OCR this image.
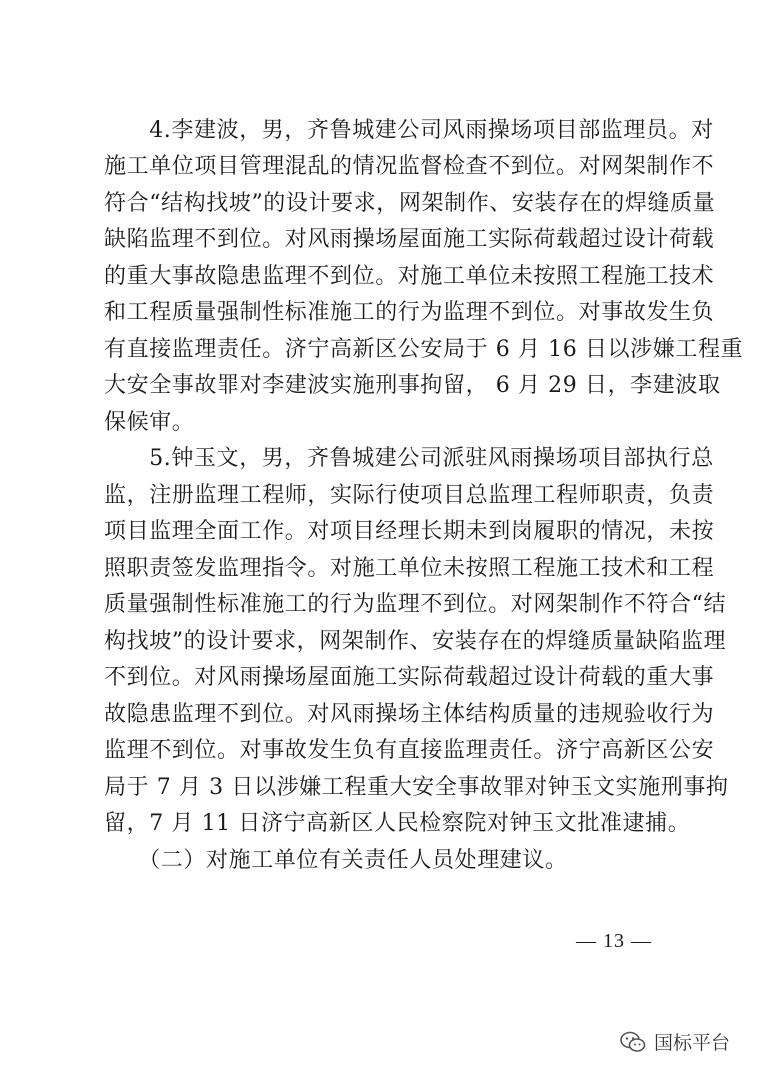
　　4.李建波，男，齐鲁城建公司风雨操场项目部监理员。对
施工单位项目管理混乱的情况监督检查不到位。对网架制作不
符合“结构找坡”的设计要求，网架制作、安装存在的焊缝质量
缺陷监理不到位。对风雨操场屋面施工实际荷载超过设计荷载
的重大事故隐患监理不到位。对施工单位未按照工程施工技术
和工程质量强制性标准施工的行为监理不到位。对事故发生负
有直接监理责任。济宁高新区公安局于 6 月 16 日以涉嫌工程重
大安全事故罪对李建波实施刑事拘留， 6 月 29 日，李建波取
保候审。
　　5.钟玉文，男，齐鲁城建公司派驻风雨操场项目部执行总
监，注册监理工程师，实际行使项目总监理工程师职责，负责
项目监理全面工作。对项目经理长期未到岗履职的情况，未按
照职责签发监理指令。对施工单位未按照工程施工技术和工程
质量强制性标准施工的行为监理不到位。对网架制作不符合“结
构找坡”的设计要求，网架制作、安装存在的焊缝质量缺陷监理
不到位。对风雨操场屋面施工实际荷载超过设计荷载的重大事
故隐患监理不到位。对风雨操场主体结构质量的违规验收行为
监理不到位。对事故发生负有直接监理责任。济宁高新区公安
局于 7 月 3 日以涉嫌工程重大安全事故罪对钟玉文实施刑事拘
留，7 月 11 日济宁高新区人民检察院对钟玉文批准逮捕。
　　（二）对施工单位有关责任人员处理建议。
— 13 —
国标平台
